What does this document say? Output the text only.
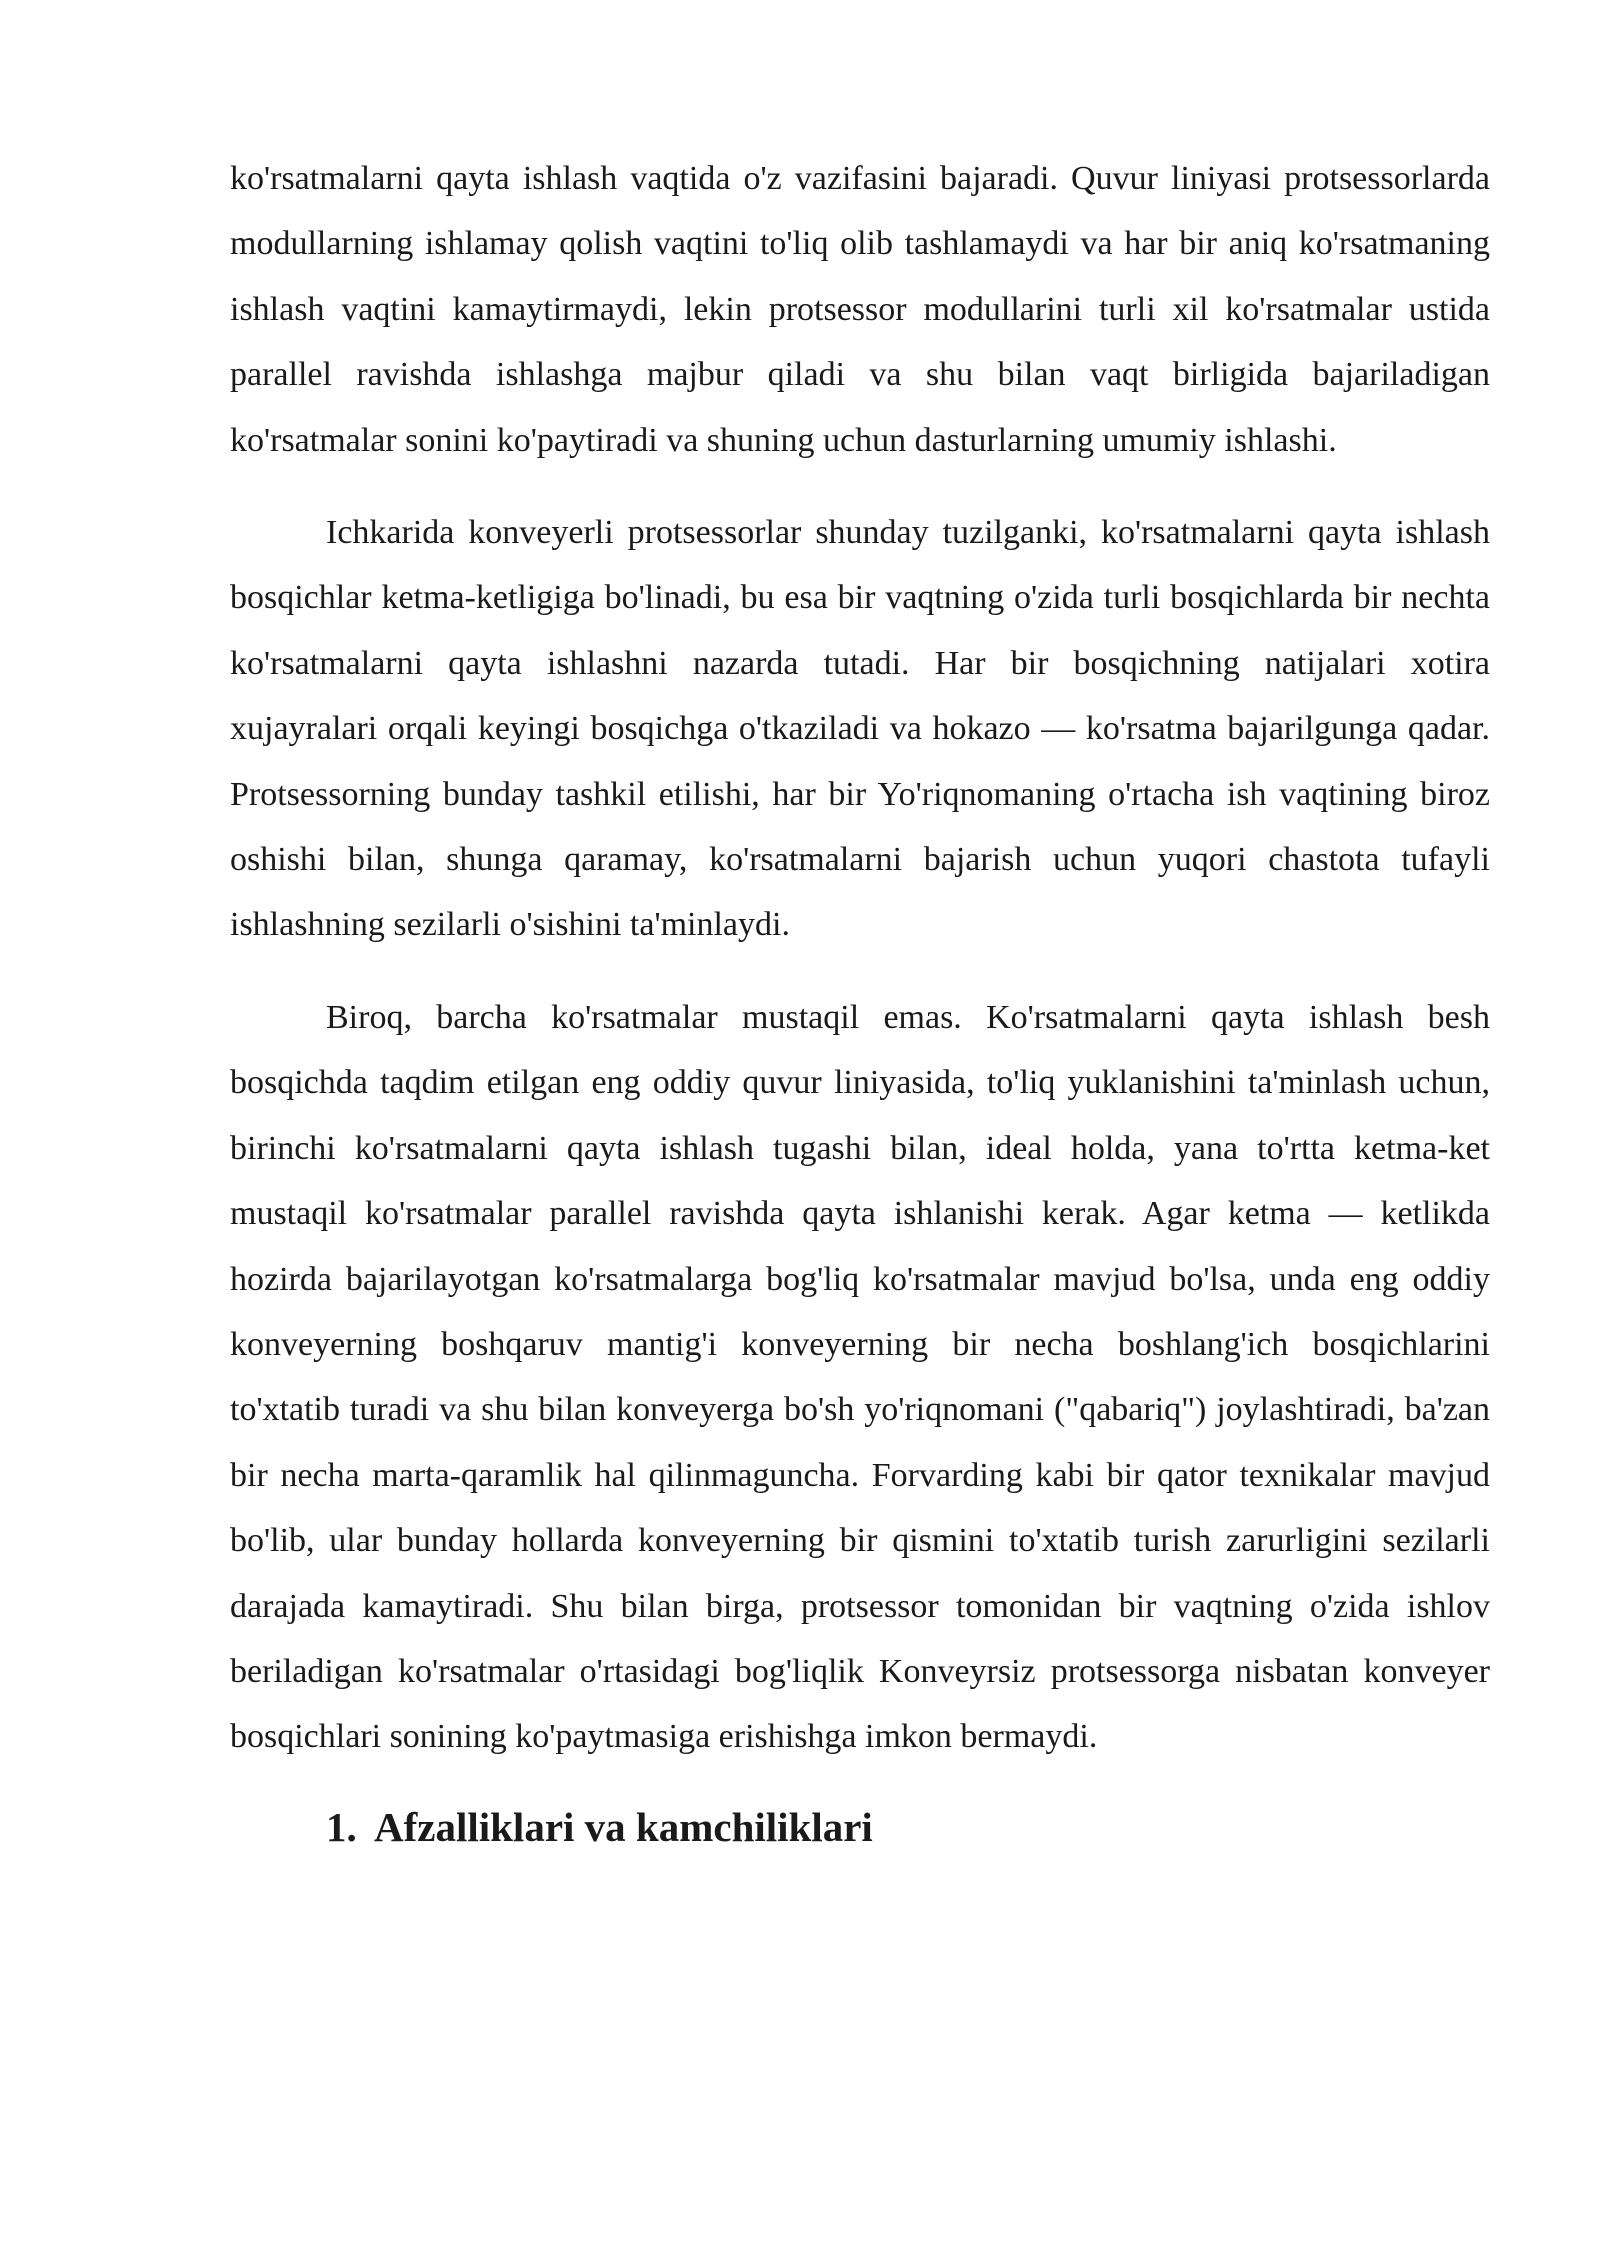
ko'rsatmalarni qayta ishlash vaqtida o'z vazifasini bajaradi. Quvur liniyasi protsessorlarda modullarning ishlamay qolish vaqtini to'liq olib tashlamaydi va har bir aniq ko'rsatmaning ishlash vaqtini kamaytirmaydi, lekin protsessor modullarini turli xil ko'rsatmalar ustida parallel ravishda ishlashga majbur qiladi va shu bilan vaqt birligida bajariladigan ko'rsatmalar sonini ko'paytiradi va shuning uchun dasturlarning umumiy ishlashi.

Ichkarida konveyerli protsessorlar shunday tuzilganki, ko'rsatmalarni qayta ishlash bosqichlar ketma-ketligiga bo'linadi, bu esa bir vaqtning o'zida turli bosqichlarda bir nechta ko'rsatmalarni qayta ishlashni nazarda tutadi. Har bir bosqichning natijalari xotira xujayralari orqali keyingi bosqichga o'tkaziladi va hokazo — ko'rsatma bajarilgunga qadar. Protsessorning bunday tashkil etilishi, har bir Yo'riqnomaning o'rtacha ish vaqtining biroz oshishi bilan, shunga qaramay, ko'rsatmalarni bajarish uchun yuqori chastota tufayli ishlashning sezilarli o'sishini ta'minlaydi.

Biroq, barcha ko'rsatmalar mustaqil emas. Ko'rsatmalarni qayta ishlash besh bosqichda taqdim etilgan eng oddiy quvur liniyasida, to'liq yuklanishini ta'minlash uchun, birinchi ko'rsatmalarni qayta ishlash tugashi bilan, ideal holda, yana to'rtta ketma-ket mustaqil ko'rsatmalar parallel ravishda qayta ishlanishi kerak. Agar ketma — ketlikda hozirda bajarilayotgan ko'rsatmalarga bog'liq ko'rsatmalar mavjud bo'lsa, unda eng oddiy konveyerning boshqaruv mantig'i konveyerning bir necha boshlang'ich bosqichlarini to'xtatib turadi va shu bilan konveyerga bo'sh yo'riqnomani ("qabariq") joylashtiradi, ba'zan bir necha marta-qaramlik hal qilinmaguncha. Forvarding kabi bir qator texnikalar mavjud bo'lib, ular bunday hollarda konveyerning bir qismini to'xtatib turish zarurligini sezilarli darajada kamaytiradi. Shu bilan birga, protsessor tomonidan bir vaqtning o'zida ishlov beriladigan ko'rsatmalar o'rtasidagi bog'liqlik Konveyrsiz protsessorga nisbatan konveyer bosqichlari sonining ko'paytmasiga erishishga imkon bermaydi.

1. Afzalliklari va kamchiliklari
